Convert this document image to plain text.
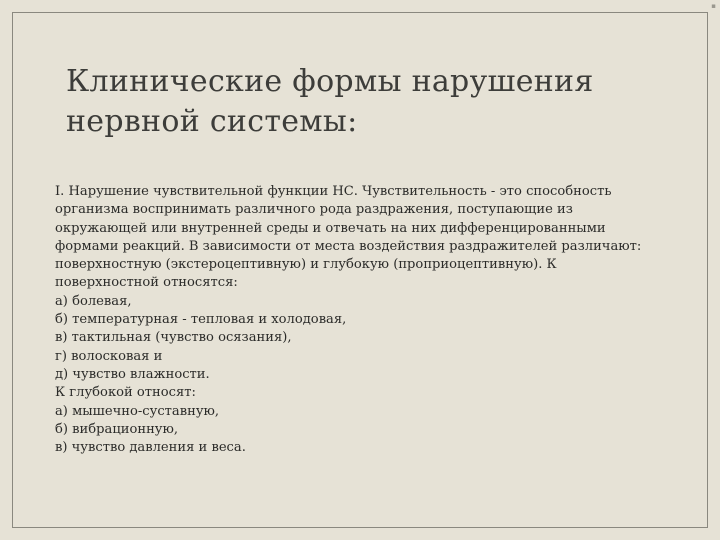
▪
Клинические формы нарушения
нервной системы:

I. Нарушение чувствительной функции НС. Чувствительность - это способность

организма воспринимать различного рода раздражения, поступающие из

окружающей или внутренней среды и отвечать на них дифференцированными

формами реакций. В зависимости от места воздействия раздражителей различают:

поверхностную (экстероцептивную) и глубокую (проприоцептивную). К

поверхностной относятся:

а) болевая,

б) температурная - тепловая и холодовая,

в) тактильная (чувство осязания),

г) волосковая и

д) чувство влажности.

К глубокой относят:

а) мышечно-суставную,

б) вибрационную,

в) чувство давления и веса.
